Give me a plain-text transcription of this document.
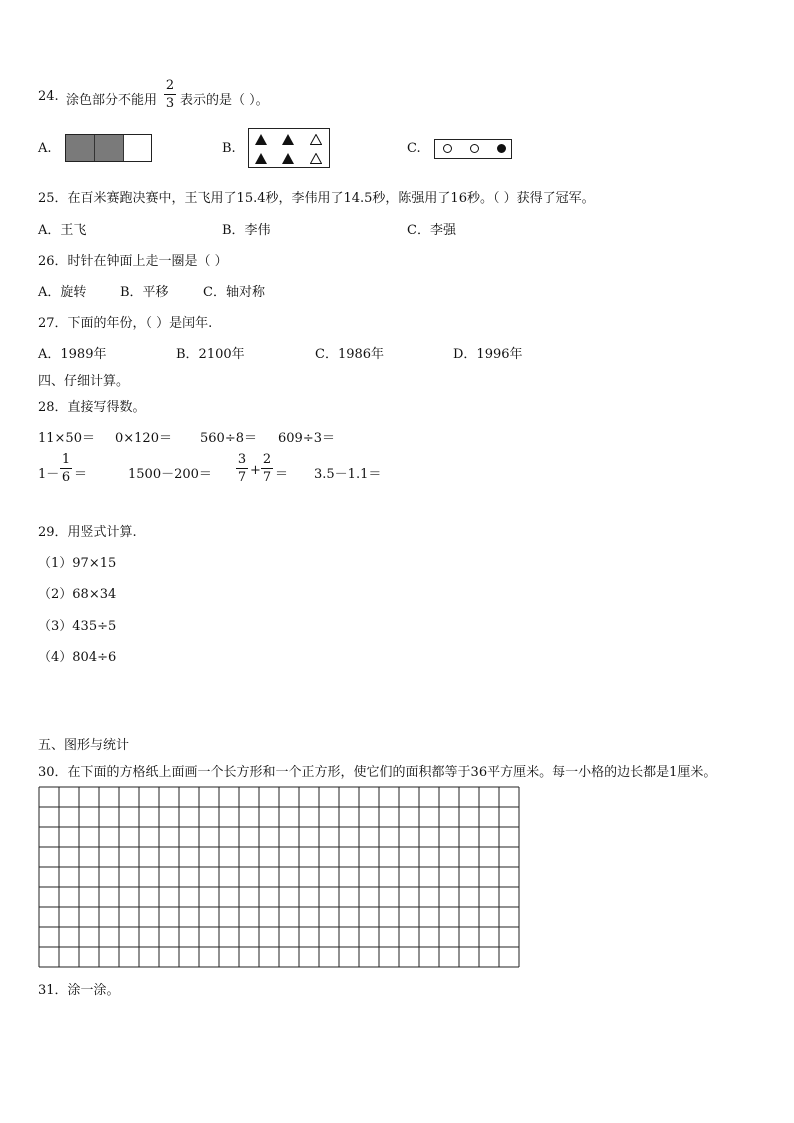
24. 涂色部分不能用
2
3 表示的是（ ）。
A.	B.	C.
25．在百米赛跑决赛中，王飞用了15.4秒，李伟用了14.5秒，陈强用了16秒。（ ）获得了冠军。
A．王飞	B．李伟	C．李强
26．时针在钟面上走一圈是（ ）
A．旋转	B．平移	C．轴对称
27．下面的年份，（ ）是闰年.
A．1989年	B．2100年	C．1986年	D．1996年
四、仔细计算。
28．直接写得数。
11×50＝ 0×120＝ 560÷8＝ 609÷3＝
1－
1
6 ＝	1500－200＝
3
7 +
2
7 ＝ 3.5－1.1＝
29．用竖式计算.
（1）97×15
（2）68×34
（3）435÷5
（4）804÷6
五、图形与统计
30．在下面的方格纸上面画一个长方形和一个正方形，使它们的面积都等于36平方厘米。每一小格的边长都是1厘米。
31．涂一涂。
